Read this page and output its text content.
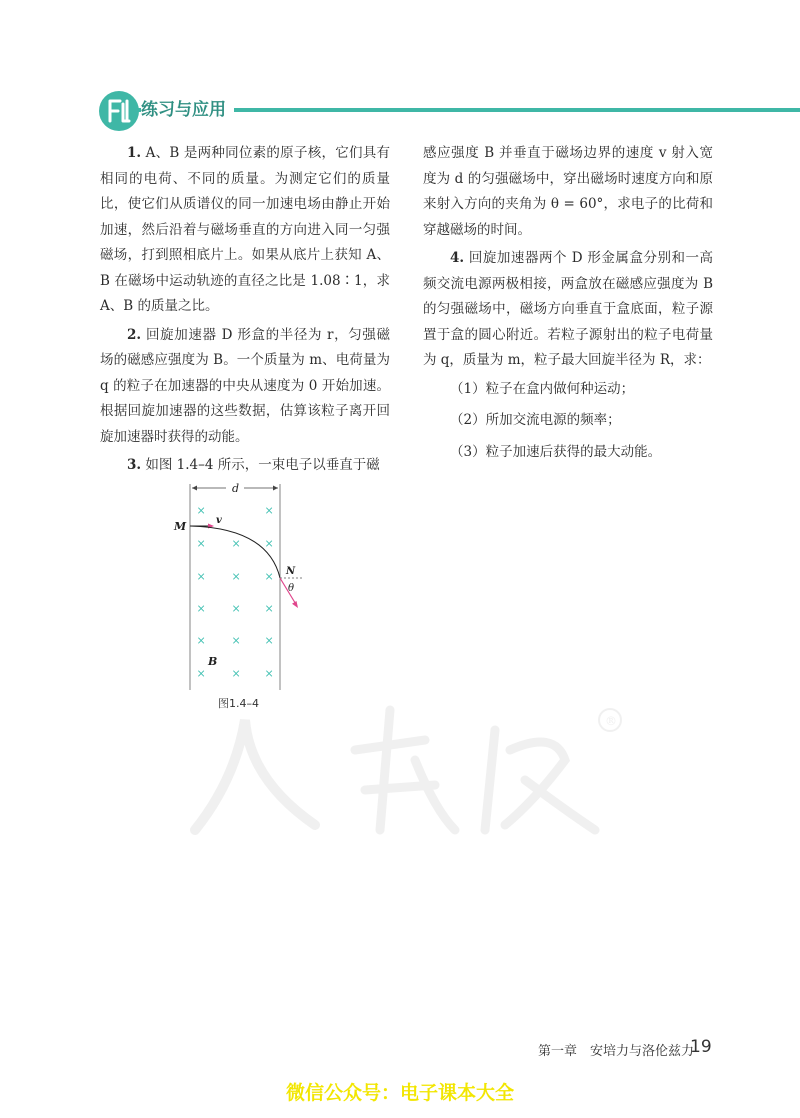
练习与应用

1. A、B 是两种同位素的原子核，它们具有相同的电荷、不同的质量。为测定它们的质量比，使它们从质谱仪的同一加速电场由静止开始加速，然后沿着与磁场垂直的方向进入同一匀强磁场，打到照相底片上。如果从底片上获知 A、B 在磁场中运动轨迹的直径之比是 1.08∶1，求 A、B 的质量之比。

2. 回旋加速器 D 形盒的半径为 r，匀强磁场的磁感应强度为 B。一个质量为 m、电荷量为 q 的粒子在加速器的中央从速度为 0 开始加速。根据回旋加速器的这些数据，估算该粒子离开回旋加速器时获得的动能。

3. 如图 1.4–4 所示，一束电子以垂直于磁

感应强度 B 并垂直于磁场边界的速度 v 射入宽度为 d 的匀强磁场中，穿出磁场时速度方向和原来射入方向的夹角为 θ = 60°，求电子的比荷和穿越磁场的时间。

4. 回旋加速器两个 D 形金属盒分别和一高频交流电源两极相接，两盒放在磁感应强度为 B 的匀强磁场中，磁场方向垂直于盒底面，粒子源置于盒的圆心附近。若粒子源射出的粒子电荷量为 q，质量为 m，粒子最大回旋半径为 R，求：

（1）粒子在盒内做何种运动；

（2）所加交流电源的频率；

（3）粒子加速后获得的最大动能。

d
×	×
× × ×
× × ×
× × ×
× × ×
× × ×
M	v
N
θ
B
图1.4–4
®
第一章　安培力与洛伦兹力
19
微信公众号：电子课本大全
